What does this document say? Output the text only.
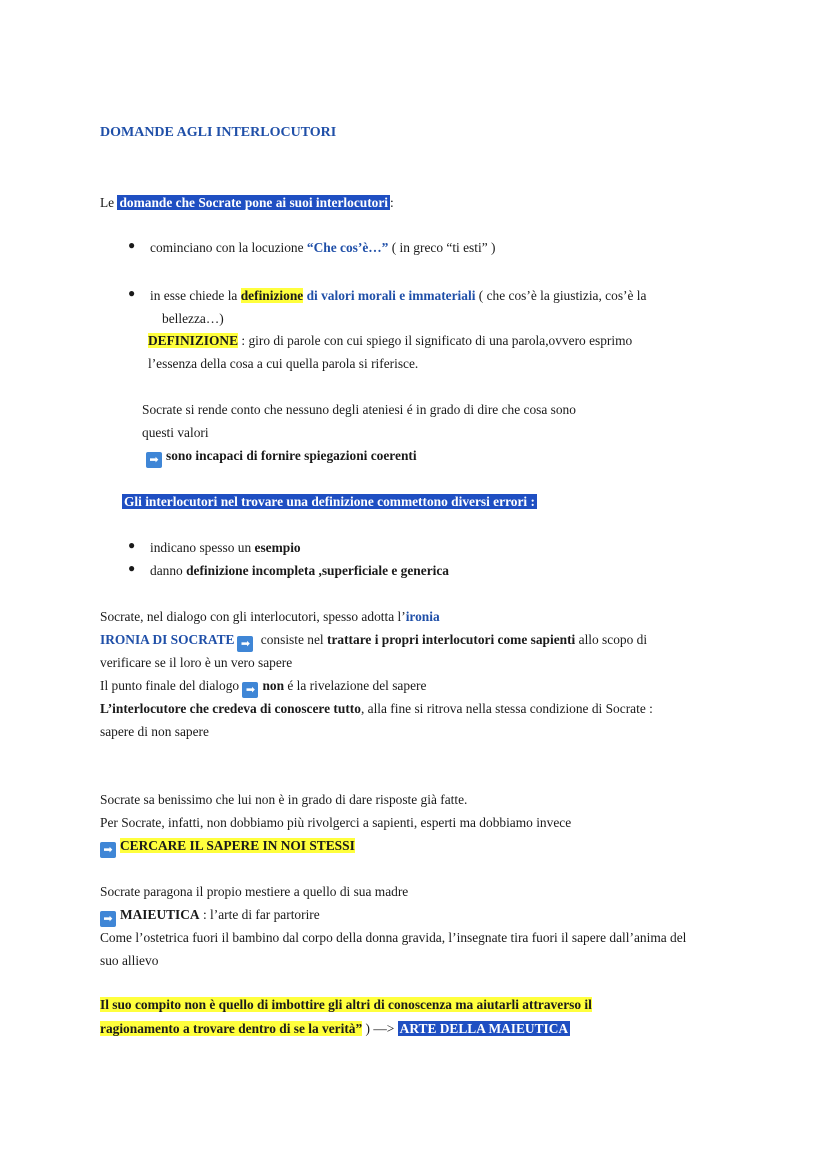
DOMANDE AGLI INTERLOCUTORI
Le domande che Socrate pone ai suoi interlocutori :
● cominciano con la locuzione “Che cos’è…” ( in greco “ti esti” )
● in esse chiede la definizione di valori morali e immateriali ( che cos’è la giustizia, cos’è la
bellezza…)
DEFINIZIONE : giro di parole con cui spiego il significato di una parola,ovvero esprimo
l’essenza della cosa a cui quella parola si riferisce.
Socrate si rende conto che nessuno degli ateniesi é in grado di dire che cosa sono
questi valori
➡ sono incapaci di fornire spiegazioni coerenti
Gli interlocutori nel trovare una definizione commettono diversi errori :
● indicano spesso un esempio
● danno definizione incompleta ,superficiale e generica
Socrate, nel dialogo con gli interlocutori, spesso adotta l’ironia
IRONIA DI SOCRATE ➡ consiste nel trattare i propri interlocutori come sapienti allo scopo di
verificare se il loro è un vero sapere
Il punto finale del dialogo ➡ non é la rivelazione del sapere
L’interlocutore che credeva di conoscere tutto, alla fine si ritrova nella stessa condizione di Socrate :
sapere di non sapere
Socrate sa benissimo che lui non è in grado di dare risposte già fatte.
Per Socrate, infatti, non dobbiamo più rivolgerci a sapienti, esperti ma dobbiamo invece
➡ CERCARE IL SAPERE IN NOI STESSI
Socrate paragona il propio mestiere a quello di sua madre
➡ MAIEUTICA : l’arte di far partorire
Come l’ostetrica fuori il bambino dal corpo della donna gravida, l’insegnate tira fuori il sapere dall’anima del
suo allievo
Il suo compito non è quello di imbottire gli altri di conoscenza ma aiutarli attraverso il
ragionamento a trovare dentro di se la verità” ) —> ARTE DELLA MAIEUTICA
